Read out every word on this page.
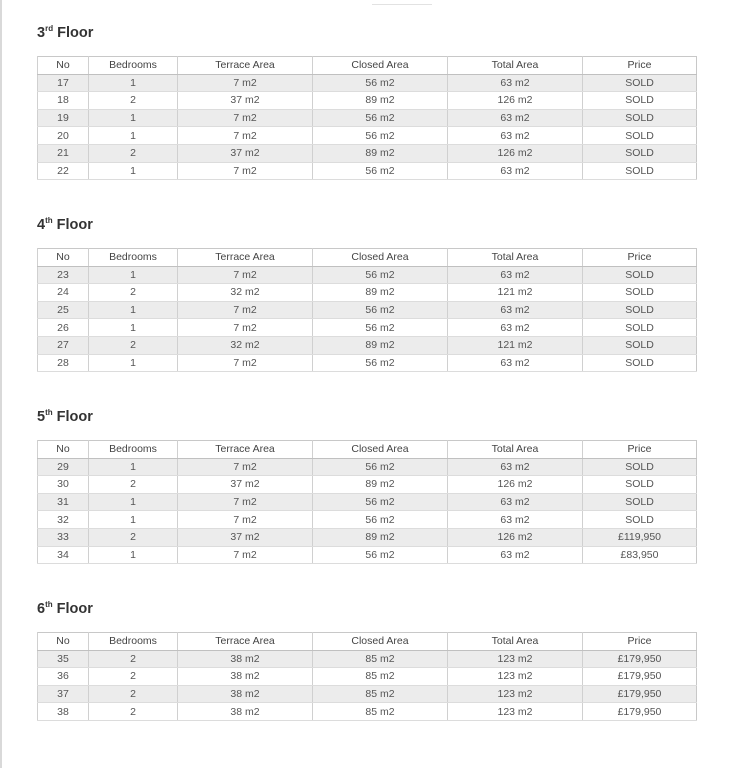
3rd Floor
No	Bedrooms	Terrace Area	Closed Area	Total Area	Price
17	1	7 m2	56 m2	63 m2	SOLD
18	2	37 m2	89 m2	126 m2	SOLD
19	1	7 m2	56 m2	63 m2	SOLD
20	1	7 m2	56 m2	63 m2	SOLD
21	2	37 m2	89 m2	126 m2	SOLD
22	1	7 m2	56 m2	63 m2	SOLD
4th Floor
No	Bedrooms	Terrace Area	Closed Area	Total Area	Price
23	1	7 m2	56 m2	63 m2	SOLD
24	2	32 m2	89 m2	121 m2	SOLD
25	1	7 m2	56 m2	63 m2	SOLD
26	1	7 m2	56 m2	63 m2	SOLD
27	2	32 m2	89 m2	121 m2	SOLD
28	1	7 m2	56 m2	63 m2	SOLD
5th Floor
No	Bedrooms	Terrace Area	Closed Area	Total Area	Price
29	1	7 m2	56 m2	63 m2	SOLD
30	2	37 m2	89 m2	126 m2	SOLD
31	1	7 m2	56 m2	63 m2	SOLD
32	1	7 m2	56 m2	63 m2	SOLD
33	2	37 m2	89 m2	126 m2	£119,950
34	1	7 m2	56 m2	63 m2	£83,950
6th Floor
No	Bedrooms	Terrace Area	Closed Area	Total Area	Price
35	2	38 m2	85 m2	123 m2	£179,950
36	2	38 m2	85 m2	123 m2	£179,950
37	2	38 m2	85 m2	123 m2	£179,950
38	2	38 m2	85 m2	123 m2	£179,950
